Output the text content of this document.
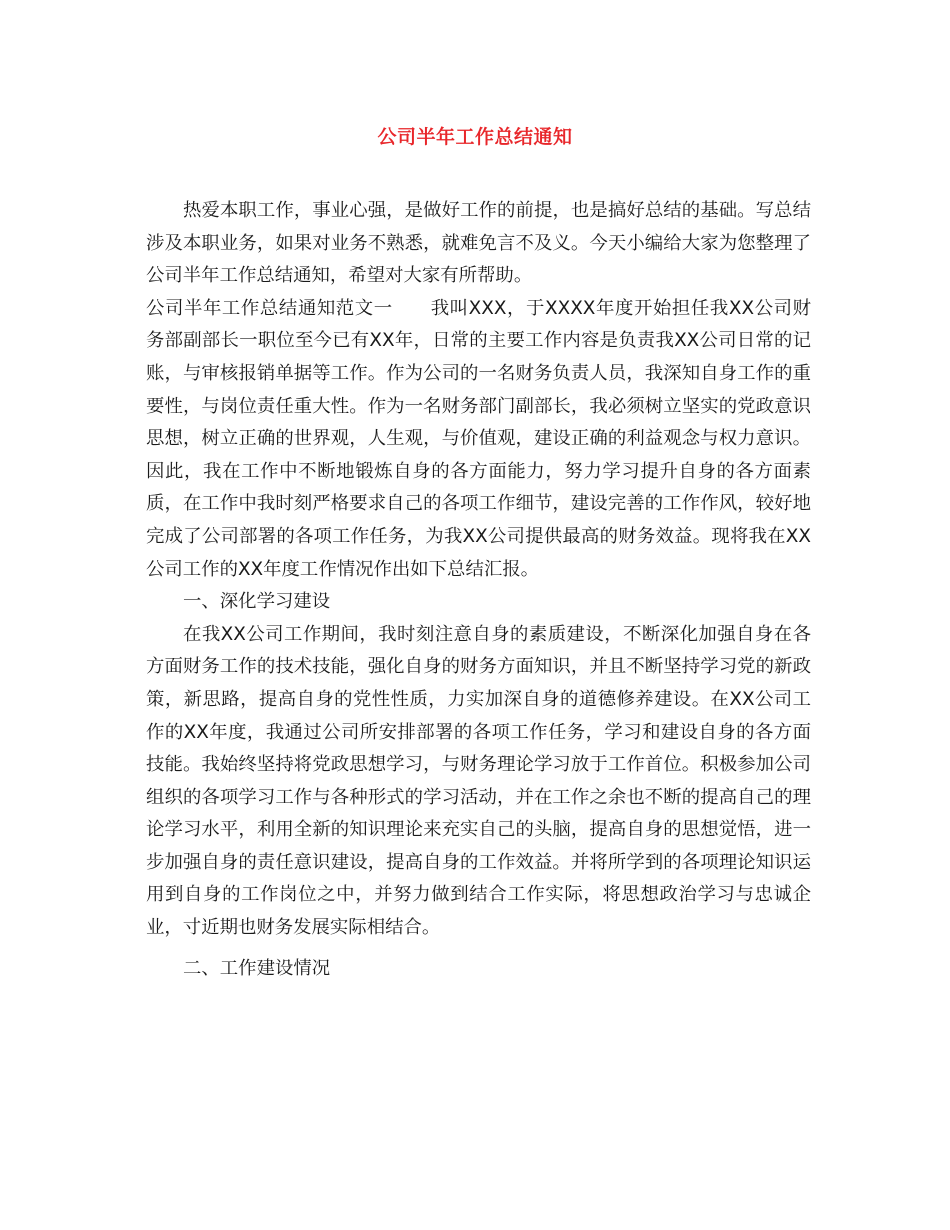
公司半年工作总结通知

热爱本职工作，事业心强，是做好工作的前提，也是搞好总结的基础。写总结涉及本职业务，如果对业务不熟悉，就难免言不及义。今天小编给大家为您整理了公司半年工作总结通知，希望对大家有所帮助。

公司半年工作总结通知范文一　　我叫XXX，于XXXX年度开始担任我XX公司财务部副部长一职位至今已有XX年，日常的主要工作内容是负责我XX公司日常的记账，与审核报销单据等工作。作为公司的一名财务负责人员，我深知自身工作的重要性，与岗位责任重大性。作为一名财务部门副部长，我必须树立坚实的党政意识思想，树立正确的世界观，人生观，与价值观，建设正确的利益观念与权力意识。因此，我在工作中不断地锻炼自身的各方面能力，努力学习提升自身的各方面素质，在工作中我时刻严格要求自己的各项工作细节，建设完善的工作作风，较好地完成了公司部署的各项工作任务，为我XX公司提供最高的财务效益。现将我在XX公司工作的XX年度工作情况作出如下总结汇报。

一、深化学习建设

在我XX公司工作期间，我时刻注意自身的素质建设，不断深化加强自身在各方面财务工作的技术技能，强化自身的财务方面知识，并且不断坚持学习党的新政策，新思路，提高自身的党性性质，力实加深自身的道德修养建设。在XX公司工作的XX年度，我通过公司所安排部署的各项工作任务，学习和建设自身的各方面技能。我始终坚持将党政思想学习，与财务理论学习放于工作首位。积极参加公司组织的各项学习工作与各种形式的学习活动，并在工作之余也不断的提高自己的理论学习水平，利用全新的知识理论来充实自己的头脑，提高自身的思想觉悟，进一步加强自身的责任意识建设，提高自身的工作效益。并将所学到的各项理论知识运用到自身的工作岗位之中，并努力做到结合工作实际，将思想政治学习与忠诚企业，寸近期也财务发展实际相结合。

二、工作建设情况
